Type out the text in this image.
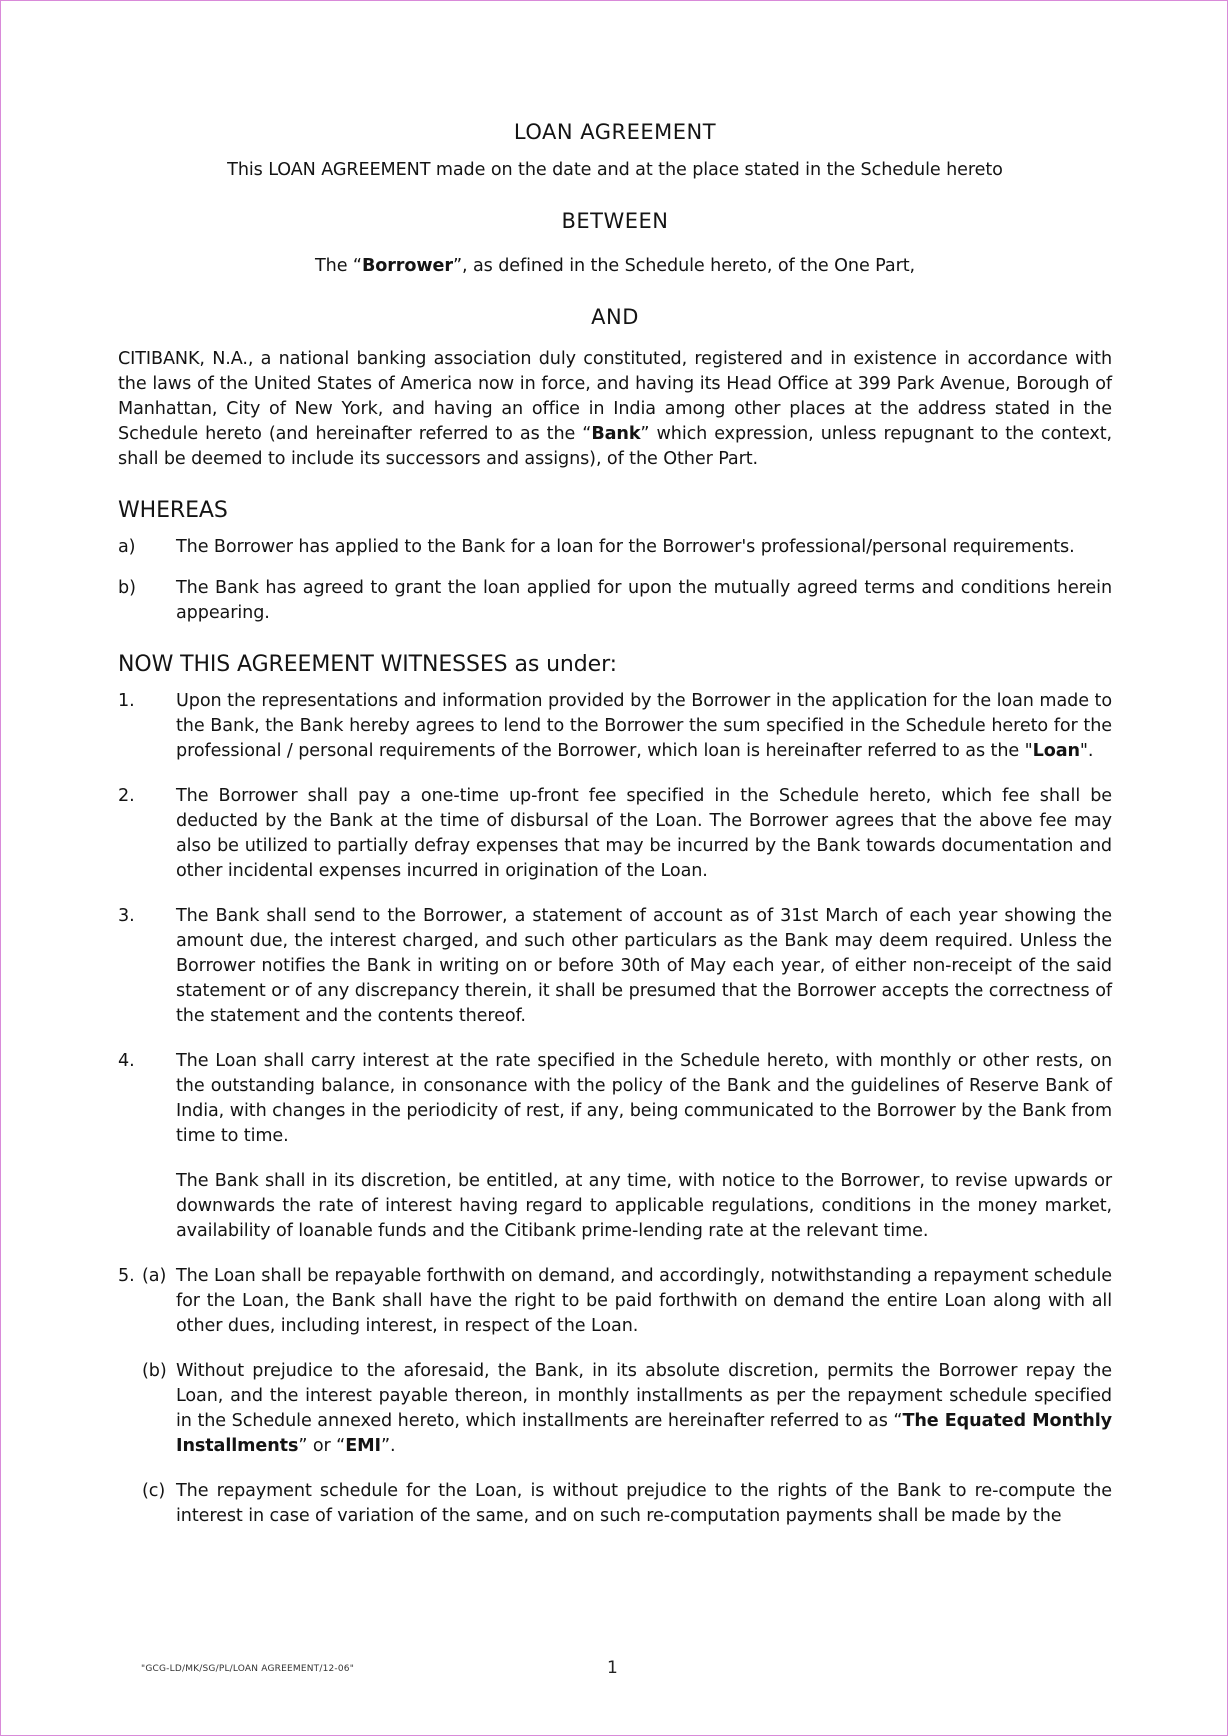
LOAN AGREEMENT
This LOAN AGREEMENT made on the date and at the place stated in the Schedule hereto
BETWEEN
The “Borrower”, as defined in the Schedule hereto, of the One Part,
AND
CITIBANK, N.A., a national banking association duly constituted, registered and in existence in accordance with the laws of the United States of America now in force, and having its Head Office at 399 Park Avenue, Borough of Manhattan, City of New York, and having an office in India among other places at the address stated in the Schedule hereto (and hereinafter referred to as the “Bank” which expression, unless repugnant to the context, shall be deemed to include its successors and assigns), of the Other Part.
WHEREAS
a)	The Borrower has applied to the Bank for a loan for the Borrower's professional/personal requirements.
b)	The Bank has agreed to grant the loan applied for upon the mutually agreed terms and conditions herein appearing.
NOW THIS AGREEMENT WITNESSES as under:
1.	Upon the representations and information provided by the Borrower in the application for the loan made to the Bank, the Bank hereby agrees to lend to the Borrower the sum specified in the Schedule hereto for the professional / personal requirements of the Borrower, which loan is hereinafter referred to as the "Loan".
2.	The Borrower shall pay a one-time up-front fee specified in the Schedule hereto, which fee shall be deducted by the Bank at the time of disbursal of the Loan. The Borrower agrees that the above fee may also be utilized to partially defray expenses that may be incurred by the Bank towards documentation and other incidental expenses incurred in origination of the Loan.
3.	The Bank shall send to the Borrower, a statement of account as of 31st March of each year showing the amount due, the interest charged, and such other particulars as the Bank may deem required. Unless the Borrower notifies the Bank in writing on or before 30th of May each year, of either non-receipt of the said statement or of any discrepancy therein, it shall be presumed that the Borrower accepts the correctness of the statement and the contents thereof.
4.	The Loan shall carry interest at the rate specified in the Schedule hereto, with monthly or other rests, on the outstanding balance, in consonance with the policy of the Bank and the guidelines of Reserve Bank of India, with changes in the periodicity of rest, if any, being communicated to the Borrower by the Bank from time to time.
The Bank shall in its discretion, be entitled, at any time, with notice to the Borrower, to revise upwards or downwards the rate of interest having regard to applicable regulations, conditions in the money market, availability of loanable funds and the Citibank prime-lending rate at the relevant time.
5. (a) The Loan shall be repayable forthwith on demand, and accordingly, notwithstanding a repayment schedule for the Loan, the Bank shall have the right to be paid forthwith on demand the entire Loan along with all other dues, including interest, in respect of the Loan.
(b) Without prejudice to the aforesaid, the Bank, in its absolute discretion, permits the Borrower repay the Loan, and the interest payable thereon, in monthly installments as per the repayment schedule specified in the Schedule annexed hereto, which installments are hereinafter referred to as “The Equated Monthly Installments” or “EMI”.
(c) The repayment schedule for the Loan, is without prejudice to the rights of the Bank to re-compute the interest in case of variation of the same, and on such re-computation payments shall be made by the
"GCG-LD/MK/SG/PL/LOAN AGREEMENT/12-06"	1
